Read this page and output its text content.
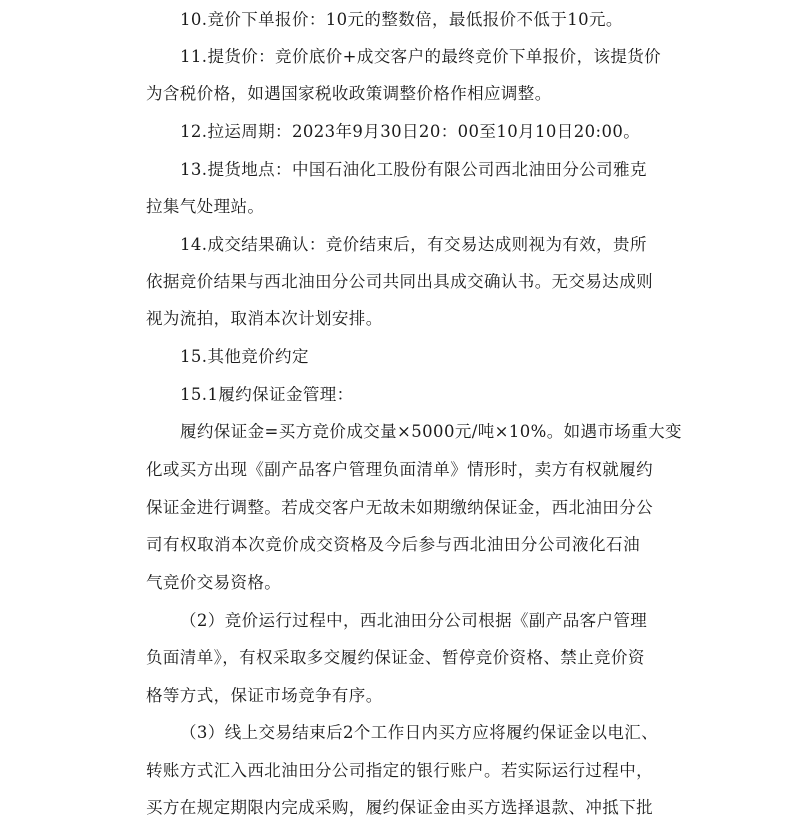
10.竞价下单报价：10元的整数倍，最低报价不低于10元。
11.提货价：竞价底价+成交客户的最终竞价下单报价，该提货价
为含税价格，如遇国家税收政策调整价格作相应调整。
12.拉运周期：2023年9月30日20：00至10月10日20:00。
13.提货地点：中国石油化工股份有限公司西北油田分公司雅克
拉集气处理站。
14.成交结果确认：竞价结束后，有交易达成则视为有效，贵所
依据竞价结果与西北油田分公司共同出具成交确认书。无交易达成则
视为流拍，取消本次计划安排。
15.其他竞价约定
15.1履约保证金管理：
履约保证金=买方竞价成交量×5000元/吨×10%。如遇市场重大变
化或买方出现《副产品客户管理负面清单》情形时，卖方有权就履约
保证金进行调整。若成交客户无故未如期缴纳保证金，西北油田分公
司有权取消本次竞价成交资格及今后参与西北油田分公司液化石油
气竞价交易资格。
（2）竞价运行过程中，西北油田分公司根据《副产品客户管理
负面清单》，有权采取多交履约保证金、暂停竞价资格、禁止竞价资
格等方式，保证市场竞争有序。
（3）线上交易结束后2个工作日内买方应将履约保证金以电汇、
转账方式汇入西北油田分公司指定的银行账户。若实际运行过程中，
买方在规定期限内完成采购，履约保证金由买方选择退款、冲抵下批
